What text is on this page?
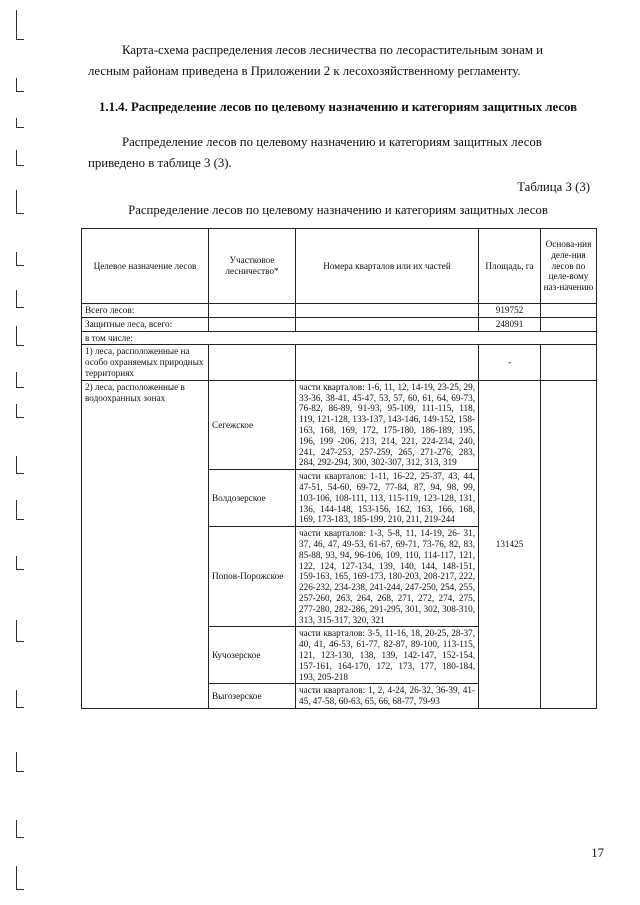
Карта-схема распределения лесов лесничества по лесорастительным зонам и
лесным районам приведена в Приложении 2 к лесохозяйственному регламенту.

1.1.4. Распределение лесов по целевому назначению и категориям защитных лесов

Распределение лесов по целевому назначению и категориям защитных лесов
приведено в таблице 3 (3).

Таблица 3 (3)

Распределение лесов по целевому назначению и категориям защитных лесов

Целевое назначение лесов	Участковое лесничество*	Номера кварталов или их частей	Площадь, га	Основа-ния деле-ния лесов по целе-вому наз-начению
Всего лесов:			919752	
Защитные леса, всего:			248091	
в том числе:				
1) леса, расположенные на особо охраняемых природных территориях			-	
2) леса, расположенные в водоохранных зонах	Сегежское	части кварталов: 1-6, 11, 12, 14-19, 23-25, 29, 33-36, 38-41, 45-47, 53, 57, 60, 61, 64, 69-73, 76-82, 86-89, 91-93, 95-109, 111-115, 118, 119, 121-128, 133-137, 143-146, 149-152, 158-163, 168, 169, 172, 175-180, 186-189, 195, 196, 199 -206, 213, 214, 221, 224-234, 240, 241, 247-253, 257-259, 265, 271-276, 283, 284, 292-294, 300, 302-307, 312, 313, 319	131425	
	Волдозерское	части кварталов: 1-11, 16-22, 25-37, 43, 44, 47-51, 54-60, 69-72, 77-84, 87, 94, 98, 99, 103-106, 108-111, 113, 115-119, 123-128, 131, 136, 144-148, 153-156, 162, 163, 166, 168, 169, 173-183, 185-199, 210, 211, 219-244		
	Попов-Порожское	части кварталов: 1-3, 5-8, 11, 14-19, 26- 31, 37, 46, 47, 49-53, 61-67, 69-71, 73-76, 82, 83, 85-88, 93, 94, 96-106, 109, 110, 114-117, 121, 122, 124, 127-134, 139, 140, 144, 148-151, 159-163, 165, 169-173, 180-203, 208-217, 222, 226-232, 234-238, 241-244, 247-250, 254, 255, 257-260, 263, 264, 268, 271, 272, 274, 275, 277-280, 282-286, 291-295, 301, 302, 308-310, 313, 315-317, 320, 321		
	Кучозерское	части кварталов: 3-5, 11-16, 18, 20-25, 28-37, 40, 41, 46-53, 61-77, 82-87, 89-100, 113-115, 121, 123-130, 138, 139, 142-147, 152-154, 157-161, 164-170, 172, 173, 177, 180-184, 193, 205-218		
	Выгозерское	части кварталов: 1, 2, 4-24, 26-32, 36-39, 41-45, 47-58, 60-63, 65, 66, 68-77, 79-93		

17
